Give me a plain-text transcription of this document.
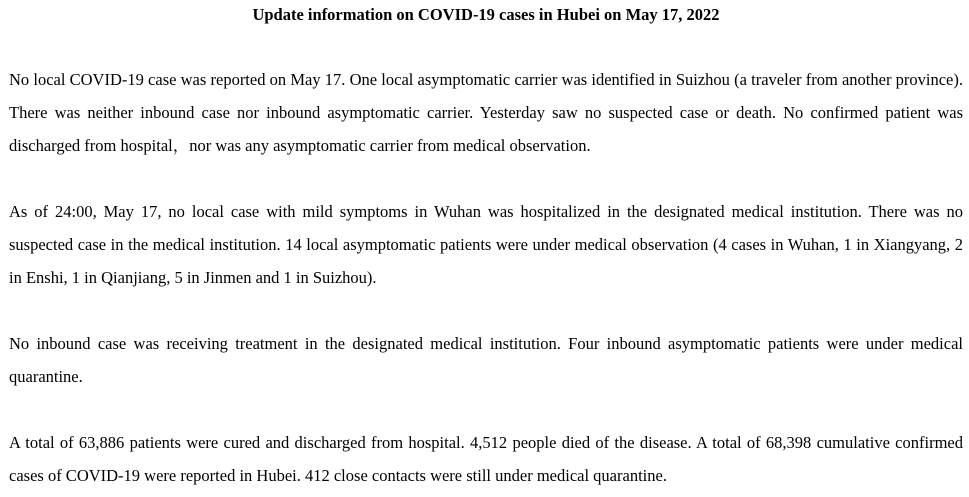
Update information on COVID-19 cases in Hubei on May 17, 2022

No local COVID-19 case was reported on May 17. One local asymptomatic carrier was identified in Suizhou (a traveler from another province). There was neither inbound case nor inbound asymptomatic carrier. Yesterday saw no suspected case or death. No confirmed patient was discharged from hospital，nor was any asymptomatic carrier from medical observation.

As of 24:00, May 17, no local case with mild symptoms in Wuhan was hospitalized in the designated medical institution. There was no suspected case in the medical institution. 14 local asymptomatic patients were under medical observation (4 cases in Wuhan, 1 in Xiangyang, 2 in Enshi, 1 in Qianjiang, 5 in Jinmen and 1 in Suizhou).

No inbound case was receiving treatment in the designated medical institution. Four inbound asymptomatic patients were under medical quarantine.

A total of 63,886 patients were cured and discharged from hospital. 4,512 people died of the disease. A total of 68,398 cumulative confirmed cases of COVID-19 were reported in Hubei. 412 close contacts were still under medical quarantine.
